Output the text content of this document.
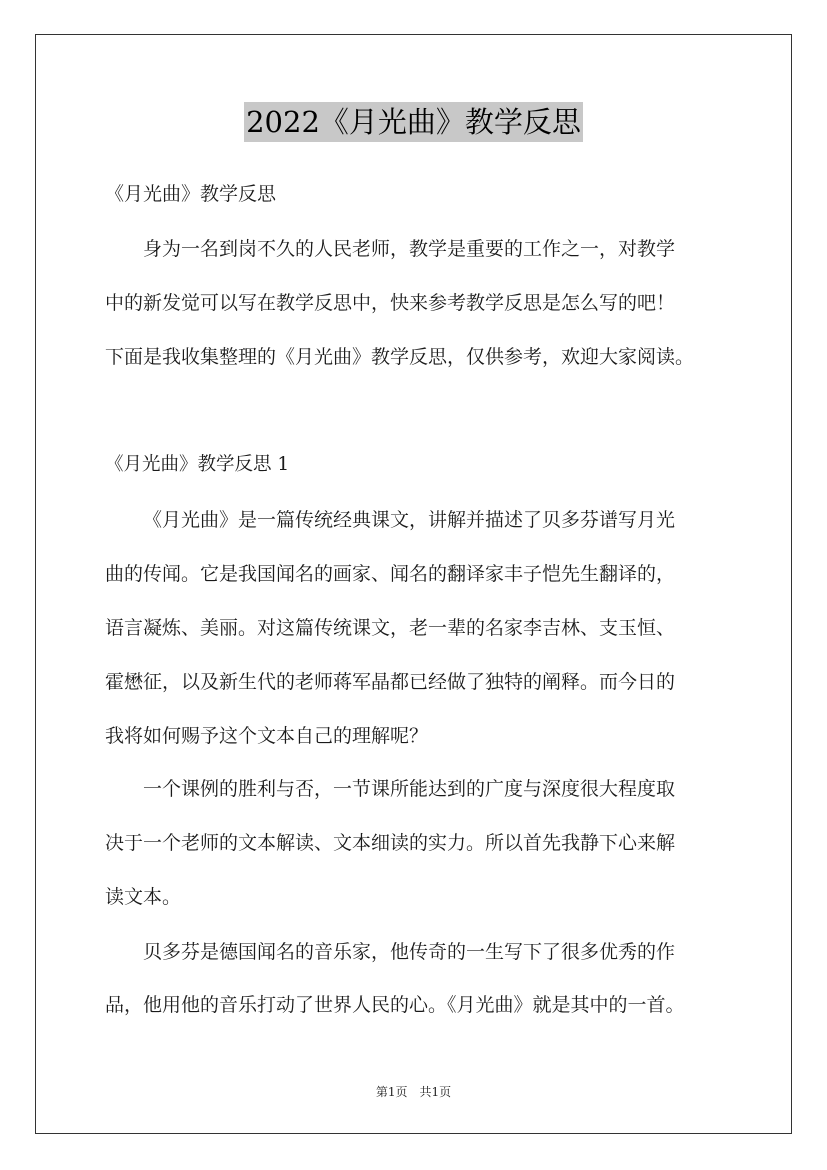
2022《月光曲》教学反思
《月光曲》教学反思
身为一名到岗不久的人民老师，教学是重要的工作之一，对教学
中的新发觉可以写在教学反思中，快来参考教学反思是怎么写的吧！
下面是我收集整理的《月光曲》教学反思，仅供参考，欢迎大家阅读。
《月光曲》教学反思 1
《月光曲》是一篇传统经典课文，讲解并描述了贝多芬谱写月光
曲的传闻。它是我国闻名的画家、闻名的翻译家丰子恺先生翻译的，
语言凝炼、美丽。对这篇传统课文，老一辈的名家李吉林、支玉恒、
霍懋征，以及新生代的老师蒋军晶都已经做了独特的阐释。而今日的
我将如何赐予这个文本自己的理解呢？
一个课例的胜利与否，一节课所能达到的广度与深度很大程度取
决于一个老师的文本解读、文本细读的实力。所以首先我静下心来解
读文本。
贝多芬是德国闻名的音乐家，他传奇的一生写下了很多优秀的作
品，他用他的音乐打动了世界人民的心。《月光曲》就是其中的一首。
第1页　共1页
